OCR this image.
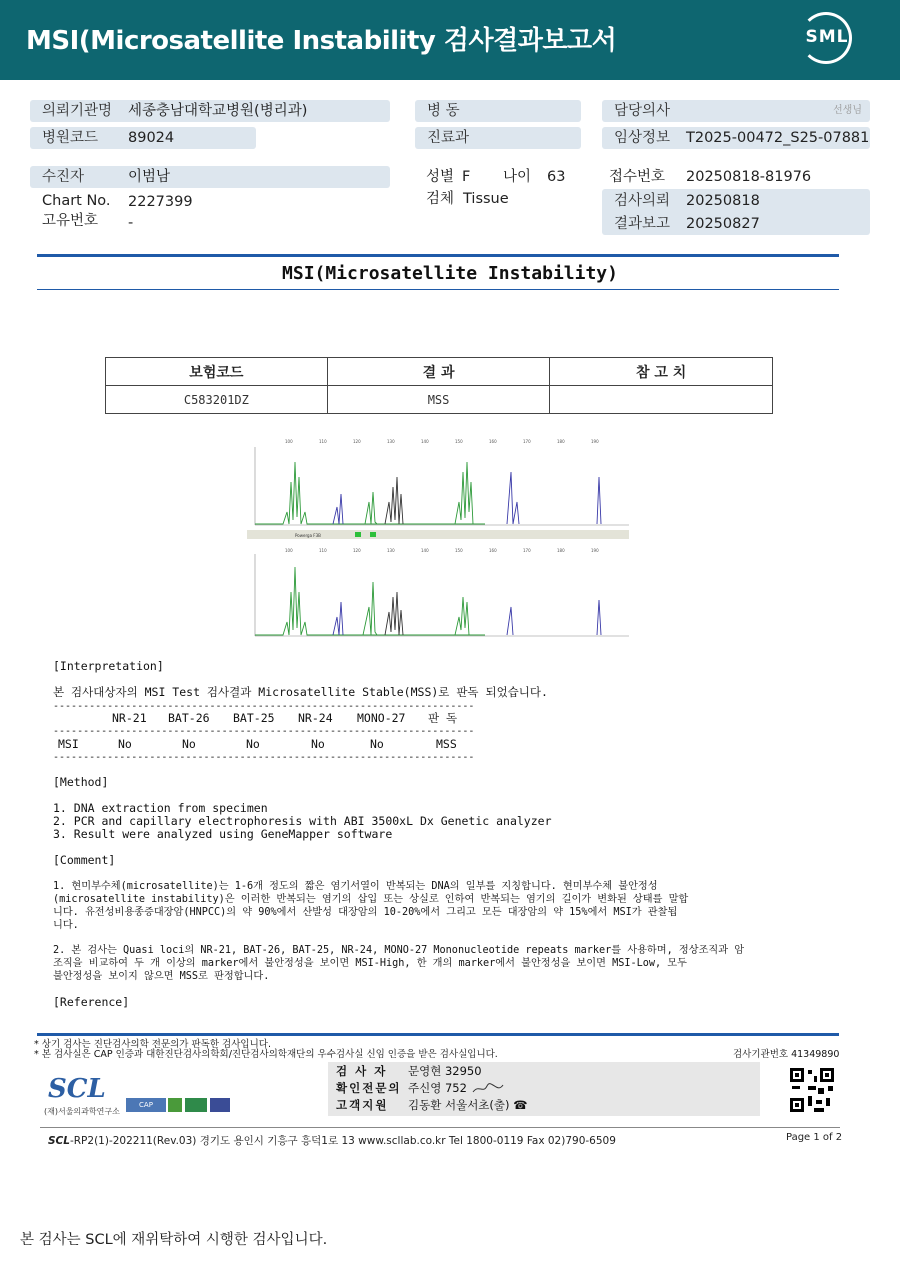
MSI(Microsatellite Instability 검사결과보고서	SML
의뢰기관명 세종충남대학교병원(병리과)
병원코드 89024
병 동
진료과
담당의사	선생님
임상정보 T2025-00472_S25-07881
수진자	이범남
Chart No. 2227399
고유번호 -
성별 F 나이 63
검체 Tissue
접수번호 20250818-81976
검사의뢰 20250818
결과보고 20250827
MSI(Microsatellite Instability)
보험코드	결 과	참 고 치
C583201DZ	MSS	
100	110	120	130	140	150	160	170	180	190
Powerga F3B
100	110	120	130	140	150	160	170	180	190
[Interpretation]
본 검사대상자의 MSI Test 검사결과 Microsatellite Stable(MSS)로 판독 되었습니다.
----------------------------------------------------------------------
NR-21 BAT-26 BAT-25 NR-24 MONO-27 판 독
----------------------------------------------------------------------
MSI	No	No	No	No	No	MSS
----------------------------------------------------------------------
[Method]
1. DNA extraction from specimen
2. PCR and capillary electrophoresis with ABI 3500xL Dx Genetic analyzer
3. Result were analyzed using GeneMapper software
[Comment]
1. 현미부수체(microsatellite)는 1-6개 정도의 짧은 염기서열이 반복되는 DNA의 일부를 지칭합니다. 현미부수체 불안정성
(microsatellite instability)은 이러한 반복되는 염기의 삽입 또는 상실로 인하여 반복되는 염기의 길이가 변화된 상태를 말합
니다. 유전성비용종증대장암(HNPCC)의 약 90%에서 산발성 대장암의 10-20%에서 그리고 모든 대장암의 약 15%에서 MSI가 관찰됩
니다.
2. 본 검사는 Quasi loci의 NR-21, BAT-26, BAT-25, NR-24, MONO-27 Mononucleotide repeats marker를 사용하며, 정상조직과 암
조직을 비교하여 두 개 이상의 marker에서 불안정성을 보이면 MSI-High, 한 개의 marker에서 불안정성을 보이면 MSI-Low, 모두
불안정성을 보이지 않으면 MSS로 판정합니다.
[Reference]
* 상기 검사는 진단검사의학 전문의가 판독한 검사입니다.
* 본 검사실은 CAP 인증과 대한진단검사의학회/진단검사의학재단의 우수검사실 신임 인증을 받은 검사실입니다.	검사기관번호 41349890
검 사 자 문영현 32950
확인전문의 주신영 752
고객지원 김동환 서울서초(출) ☎
SCL
(재)서울의과학연구소
CAP
SCL-RP2(1)-202211(Rev.03) 경기도 용인시 기흥구 흥덕1로 13 www.scllab.co.kr Tel 1800-0119 Fax 02)790-6509	Page 1 of 2
본 검사는 SCL에 재위탁하여 시행한 검사입니다.
